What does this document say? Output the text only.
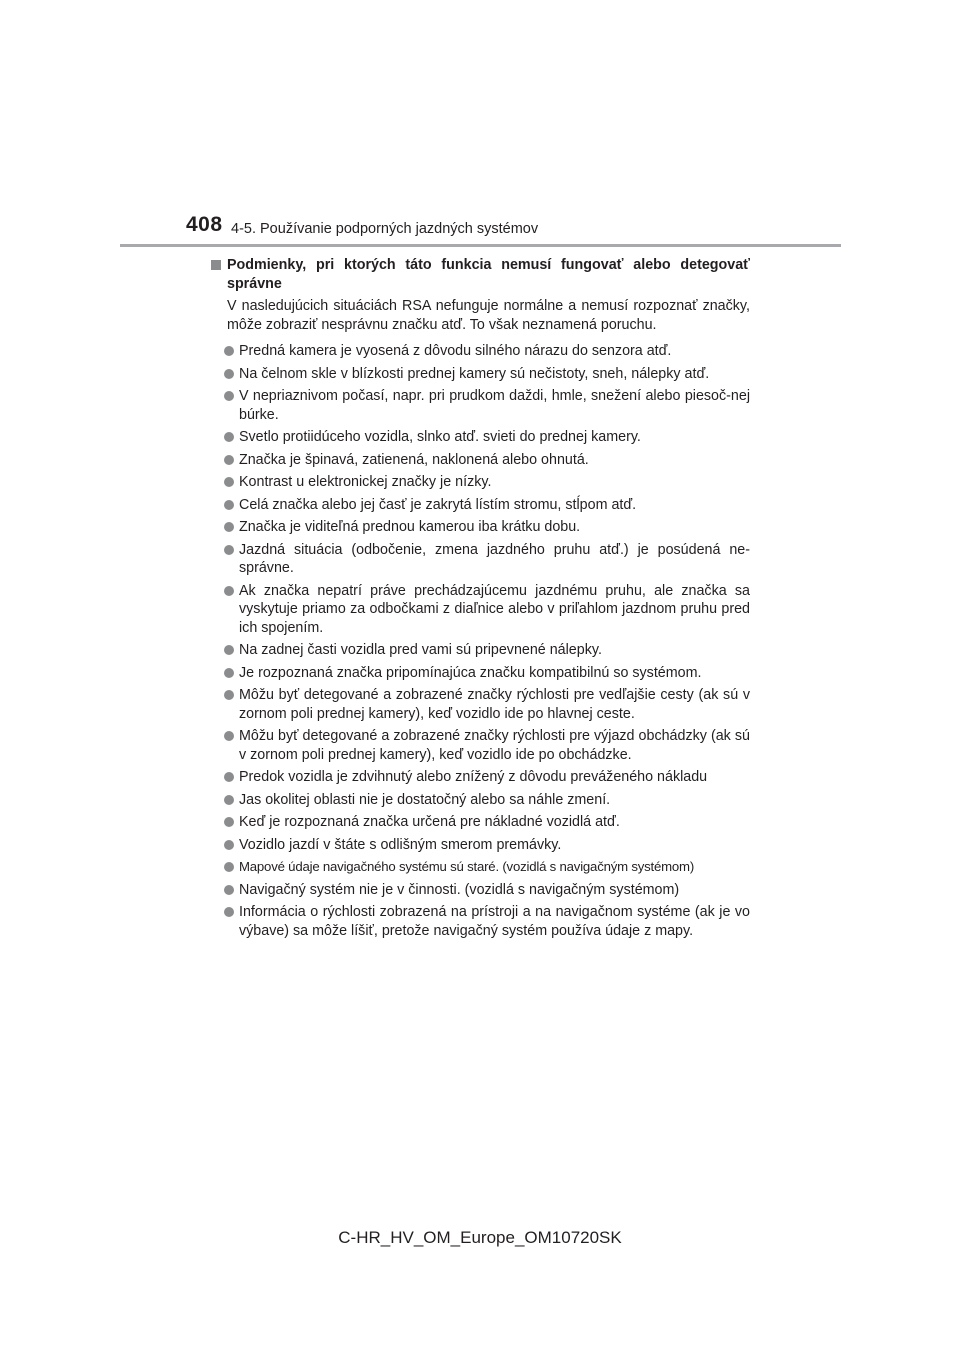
408 4-5. Používanie podporných jazdných systémov
Podmienky, pri ktorých táto funkcia nemusí fungovať alebo detegovať správne
V nasledujúcich situáciách RSA nefunguje normálne a nemusí rozpoznať značky, môže zobraziť nesprávnu značku atď. To však neznamená poruchu.
Predná kamera je vyosená z dôvodu silného nárazu do senzora atď.
Na čelnom skle v blízkosti prednej kamery sú nečistoty, sneh, nálepky atď.
V nepriaznivom počasí, napr. pri prudkom daždi, hmle, snežení alebo piesoč-nej búrke.
Svetlo protiidúceho vozidla, slnko atď. svieti do prednej kamery.
Značka je špinavá, zatienená, naklonená alebo ohnutá.
Kontrast u elektronickej značky je nízky.
Celá značka alebo jej časť je zakrytá lístím stromu, stĺpom atď.
Značka je viditeľná prednou kamerou iba krátku dobu.
Jazdná situácia (odbočenie, zmena jazdného pruhu atď.) je posúdená ne-správne.
Ak značka nepatrí práve prechádzajúcemu jazdnému pruhu, ale značka sa vyskytuje priamo za odbočkami z diaľnice alebo v priľahlom jazdnom pruhu pred ich spojením.
Na zadnej časti vozidla pred vami sú pripevnené nálepky.
Je rozpoznaná značka pripomínajúca značku kompatibilnú so systémom.
Môžu byť detegované a zobrazené značky rýchlosti pre vedľajšie cesty (ak sú v zornom poli prednej kamery), keď vozidlo ide po hlavnej ceste.
Môžu byť detegované a zobrazené značky rýchlosti pre výjazd obchádzky (ak sú v zornom poli prednej kamery), keď vozidlo ide po obchádzke.
Predok vozidla je zdvihnutý alebo znížený z dôvodu preváženého nákladu
Jas okolitej oblasti nie je dostatočný alebo sa náhle zmení.
Keď je rozpoznaná značka určená pre nákladné vozidlá atď.
Vozidlo jazdí v štáte s odlišným smerom premávky.
Mapové údaje navigačného systému sú staré. (vozidlá s navigačným systémom)
Navigačný systém nie je v činnosti. (vozidlá s navigačným systémom)
Informácia o rýchlosti zobrazená na prístroji a na navigačnom systéme (ak je vo výbave) sa môže líšiť, pretože navigačný systém používa údaje z mapy.
C-HR_HV_OM_Europe_OM10720SK
